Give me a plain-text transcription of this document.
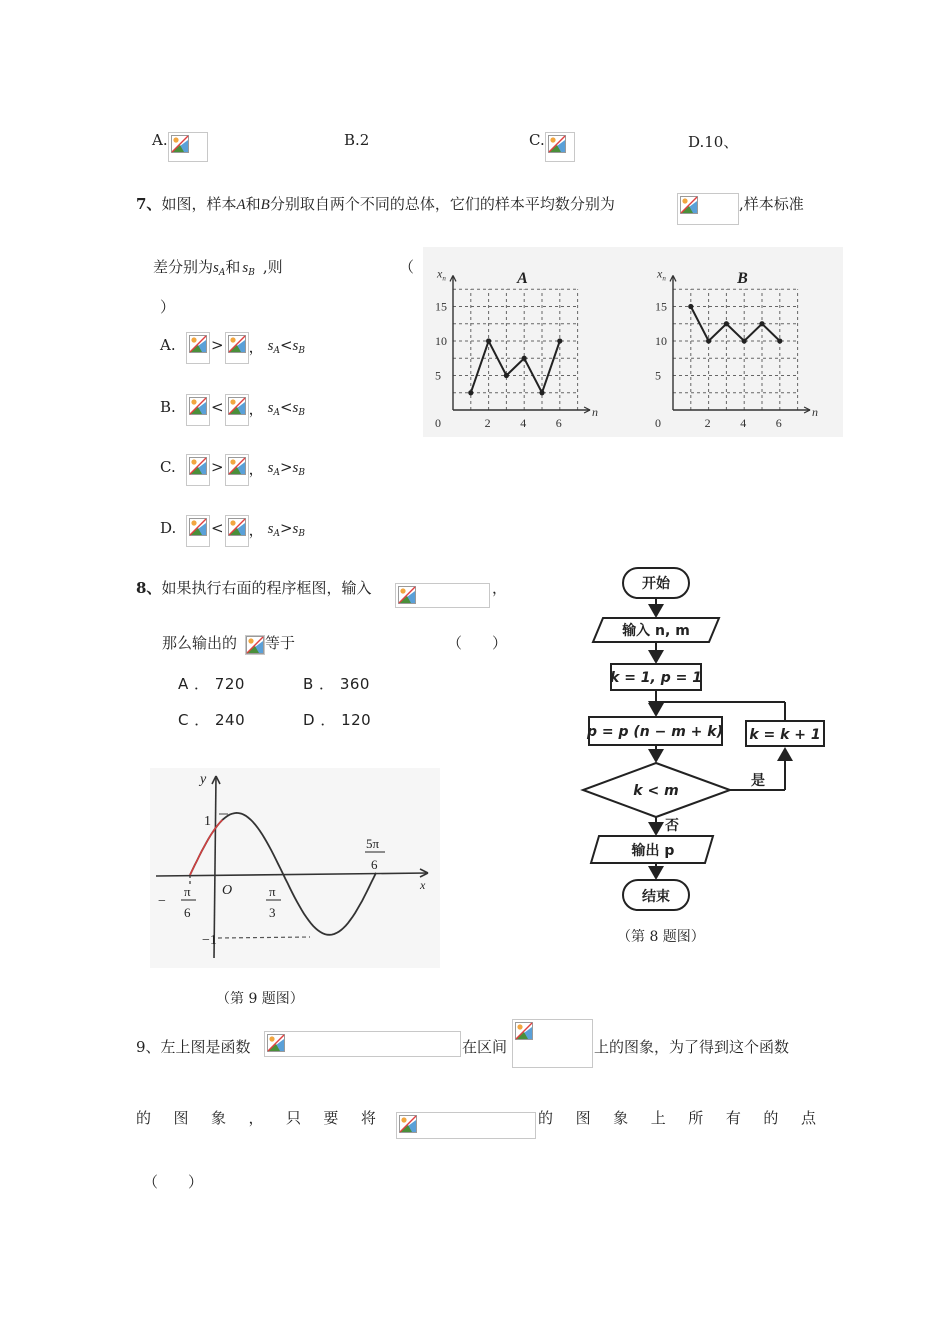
A.	B.2	C.	D.10、
7、如图，样本A和B分别取自两个不同的总体，它们的样本平均数分别为	,样本标准
差分别为$s_A$和 $s_B$ ,则	（
）
A.	> ， $s_A < s_B$
B.	< ， $s_A < s_B$
C.	> ， $s_A > s_B$
D.	< ， $s_A > s_B$
15
10
5
0	2 4 6
n
$x_n$	A
15
10
5
0	2 4 6
n
$x_n$	B
8、如果执行右面的程序框图，输入	，
那么输出的 等于	（　　）
A ． 720	B ． 360
C ． 240	D ． 120
开始
输入 n, m
k = 1, p = 1
p = p (n − m + k)
k < m
k = k + 1
是
否
输出 p
结束
（第 8 题图）
y
x
1
−1
O
−
π
6
π
3
5π
6
（第 9 题图）
9、左上图是函数	在区间	上的图象，为了得到这个函数
的 图 象 ， 只 要 将	的 图 象 上 所 有 的 点
（　　）
